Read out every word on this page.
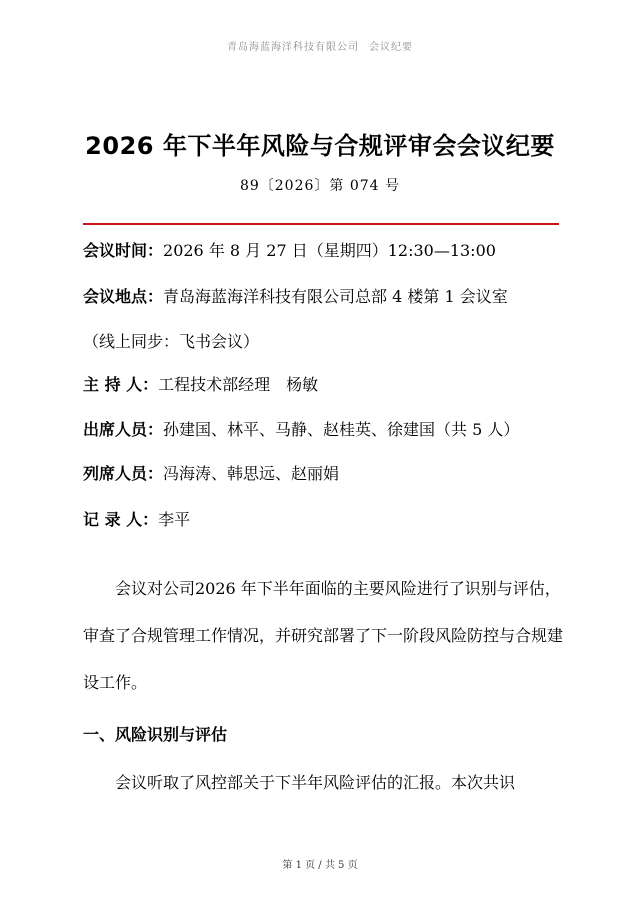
青岛海蓝海洋科技有限公司 会议纪要
2026 年下半年风险与合规评审会会议纪要
89〔2026〕第 074 号
会议时间：2026 年 8 月 27 日（星期四）12:30—13:00
会议地点：青岛海蓝海洋科技有限公司总部 4 楼第 1 会议室
（线上同步：飞书会议）
主 持 人：工程技术部经理　杨敏
出席人员：孙建国、林平、马静、赵桂英、徐建国（共 5 人）
列席人员：冯海涛、韩思远、赵丽娟
记 录 人：李平
会议对公司2026 年下半年面临的主要风险进行了识别与评估，审查了合规管理工作情况，并研究部署了下一阶段风险防控与合规建设工作。
一、风险识别与评估
会议听取了风控部关于下半年风险评估的汇报。本次共识
第 1 页 / 共 5 页
